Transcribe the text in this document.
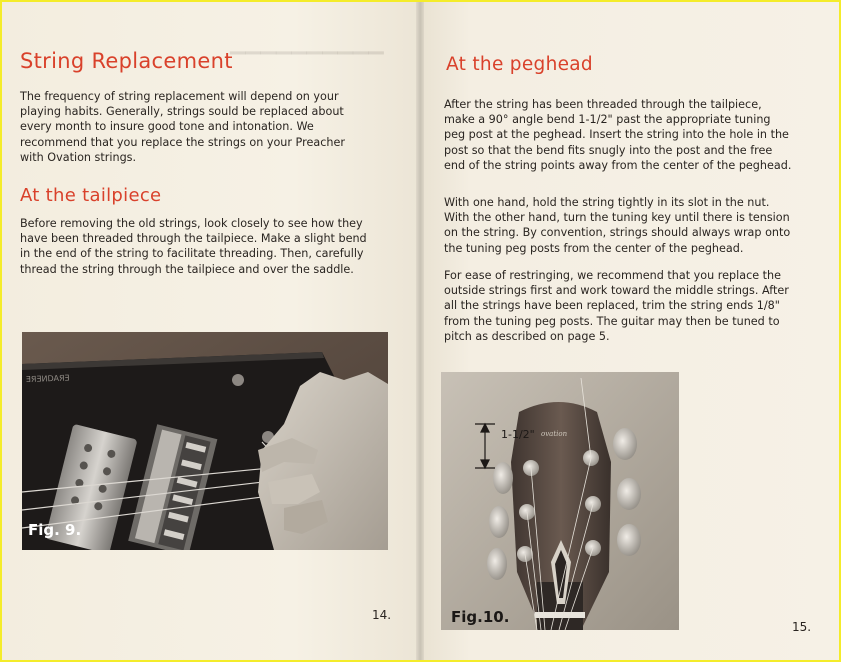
▔▔▔▔▔▔▔▔▔▔
String Replacement

The frequency of string replacement will depend on your playing habits. Generally, strings sould be replaced about every month to insure good tone and intonation. We recommend that you replace the strings on your Preacher with Ovation strings.

At the tailpiece

Before removing the old strings, look closely to see how they have been threaded through the tailpiece. Make a slight bend in the end of the string to facilitate threading. Then, carefully thread the string through the tailpiece and over the saddle.

ƎЯƎИDAЯƎ
Fig. 9.
14.
At the peghead

After the string has been threaded through the tailpiece, make a 90° angle bend 1-1/2" past the appropriate tuning peg post at the peghead. Insert the string into the hole in the post so that the bend fits snugly into the post and the free end of the string points away from the center of the peghead.

With one hand, hold the string tightly in its slot in the nut. With the other hand, turn the tuning key until there is tension on the string. By convention, strings should always wrap onto the tuning peg posts from the center of the peghead.

For ease of restringing, we recommend that you replace the outside strings first and work toward the middle strings. After all the strings have been replaced, trim the string ends 1/8" from the tuning peg posts. The guitar may then be tuned to pitch as described on page 5.

ovation
1-1/2"
Fig.10.
15.
